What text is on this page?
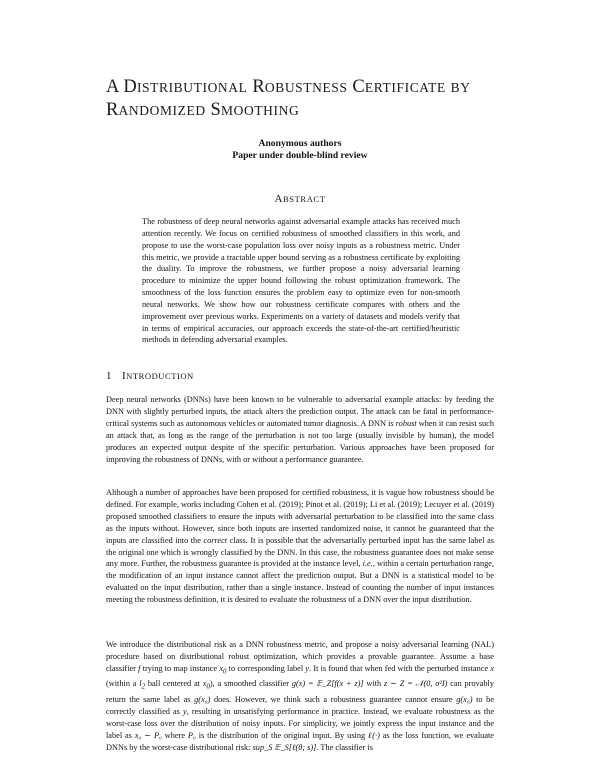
A DISTRIBUTIONAL ROBUSTNESS CERTIFICATE BY
RANDOMIZED SMOOTHING
Anonymous authors
Paper under double-blind review
ABSTRACT

The robustness of deep neural networks against adversarial example attacks has received much attention recently. We focus on certified robustness of smoothed classifiers in this work, and propose to use the worst-case population loss over noisy inputs as a robustness metric. Under this metric, we provide a tractable upper bound serving as a robustness certificate by exploiting the duality. To improve the robustness, we further propose a noisy adversarial learning procedure to minimize the upper bound following the robust optimization framework. The smoothness of the loss function ensures the problem easy to optimize even for non-smooth neural networks. We show how our robustness certificate compares with others and the improvement over previous works. Experiments on a variety of datasets and models verify that in terms of empirical accuracies, our approach exceeds the state-of-the-art certified/heuristic methods in defending adversarial examples.

1 INTRODUCTION

Deep neural networks (DNNs) have been known to be vulnerable to adversarial example attacks: by feeding the DNN with slightly perturbed inputs, the attack alters the prediction output. The attack can be fatal in performance-critical systems such as autonomous vehicles or automated tumor diagnosis. A DNN is robust when it can resist such an attack that, as long as the range of the perturbation is not too large (usually invisible by human), the model produces an expected output despite of the specific perturbation. Various approaches have been proposed for improving the robustness of DNNs, with or without a performance guarantee.

Although a number of approaches have been proposed for certified robustness, it is vague how robustness should be defined. For example, works including Cohen et al. (2019); Pinot et al. (2019); Li et al. (2019); Lecuyer et al. (2019) proposed smoothed classifiers to ensure the inputs with adversarial perturbation to be classified into the same class as the inputs without. However, since both inputs are inserted randomized noise, it cannot be guaranteed that the inputs are classified into the correct class. It is possible that the adversarially perturbed input has the same label as the original one which is wrongly classified by the DNN. In this case, the robustness guarantee does not make sense any more. Further, the robustness guarantee is provided at the instance level, i.e., within a certain perturbation range, the modification of an input instance cannot affect the prediction output. But a DNN is a statistical model to be evaluated on the input distribution, rather than a single instance. Instead of counting the number of input instances meeting the robustness definition, it is desired to evaluate the robustness of a DNN over the input distribution.

We introduce the distributional risk as a DNN robustness metric, and propose a noisy adversarial learning (NAL) procedure based on distributional robust optimization, which provides a provable guarantee. Assume a base classifier f trying to map instance $x_0$ to corresponding label y. It is found that when fed with the perturbed instance x (within a $l_2$ ball centered at $x_0$), a smoothed classifier g(x) = 𝔼_Z[f(x + z)] with z ∼ Z = 𝒩(0, σ²I) can provably return the same label as g(x₀) does. However, we think such a robustness guarantee cannot ensure g(x₀) to be correctly classified as y, resulting in unsatisfying performance in practice. Instead, we evaluate robustness as the worst-case loss over the distribution of noisy inputs. For simplicity, we jointly express the input instance and the label as x₀ ∼ P₀ where P₀ is the distribution of the original input. By using ℓ(·) as the loss function, we evaluate DNNs by the worst-case distributional risk: sup_S 𝔼_S[ℓ(θ; s)]. The classifier is
